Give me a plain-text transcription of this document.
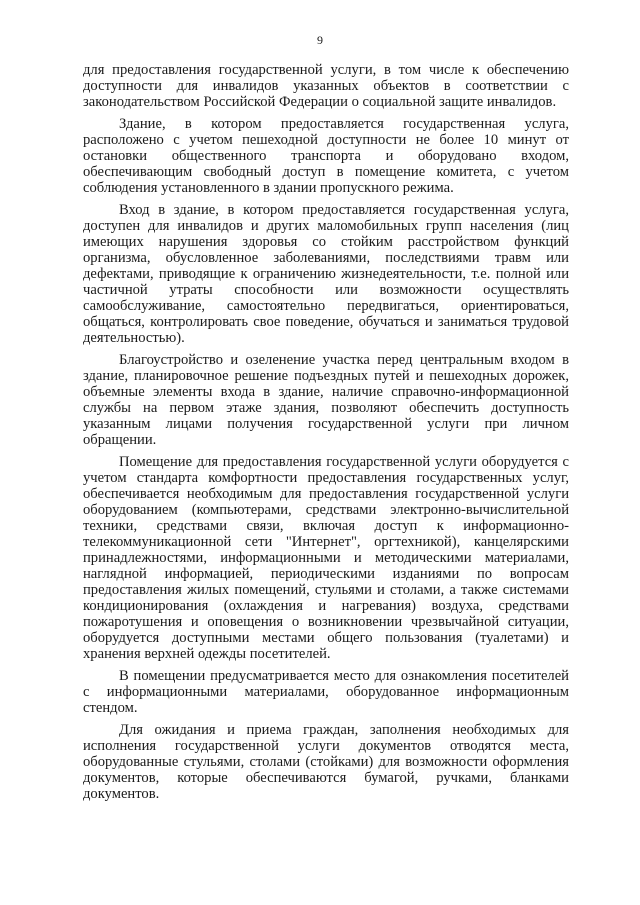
9

для предоставления государственной услуги, в том числе к обеспечению доступности для инвалидов указанных объектов в соответствии с законодательством Российской Федерации о социальной защите инвалидов.

Здание, в котором предоставляется государственная услуга, расположено с учетом пешеходной доступности не более 10 минут от остановки общественного транспорта и оборудовано входом, обеспечивающим свободный доступ в помещение комитета, с учетом соблюдения установленного в здании пропускного режима.

Вход в здание, в котором предоставляется государственная услуга, доступен для инвалидов и других маломобильных групп населения (лиц имеющих нарушения здоровья со стойким расстройством функций организма, обусловленное заболеваниями, последствиями травм или дефектами, приводящие к ограничению жизнедеятельности, т.е. полной или частичной утраты способности или возможности осуществлять самообслуживание, самостоятельно передвигаться, ориентироваться, общаться, контролировать свое поведение, обучаться и заниматься трудовой деятельностью).

Благоустройство и озеленение участка перед центральным входом в здание, планировочное решение подъездных путей и пешеходных дорожек, объемные элементы входа в здание, наличие справочно-информационной службы на первом этаже здания, позволяют обеспечить доступность указанным лицами получения государственной услуги при личном обращении.

Помещение для предоставления государственной услуги оборудуется с учетом стандарта комфортности предоставления государственных услуг, обеспечивается необходимым для предоставления государственной услуги оборудованием (компьютерами, средствами электронно-вычислительной техники, средствами связи, включая доступ к информационно-телекоммуникационной сети "Интернет", оргтехникой), канцелярскими принадлежностями, информационными и методическими материалами, наглядной информацией, периодическими изданиями по вопросам предоставления жилых помещений, стульями и столами, а также системами кондиционирования (охлаждения и нагревания) воздуха, средствами пожаротушения и оповещения о возникновении чрезвычайной ситуации, оборудуется доступными местами общего пользования (туалетами) и хранения верхней одежды посетителей.

В помещении предусматривается место для ознакомления посетителей с информационными материалами, оборудованное информационным стендом.

Для ожидания и приема граждан, заполнения необходимых для исполнения государственной услуги документов отводятся места, оборудованные стульями, столами (стойками) для возможности оформления документов, которые обеспечиваются бумагой, ручками, бланками документов.
